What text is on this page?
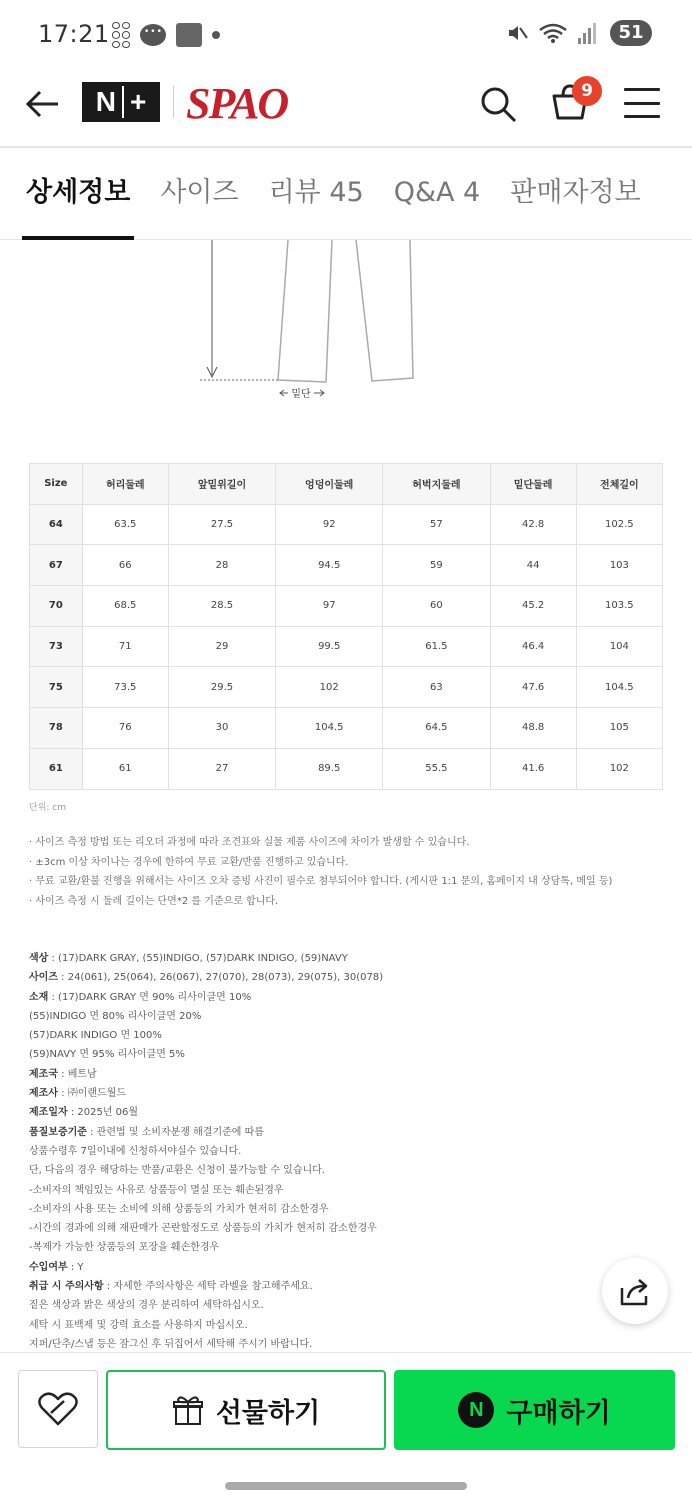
17:21 •••	51
N + SPAO	9
상세정보 사이즈 리뷰 45 Q&A 4 판매자정보
밑단
Size	허리둘레	앞밑위길이	엉덩이둘레	허벅지둘레	밑단둘레	전체길이
64	63.5	27.5	92	57	42.8	102.5
67	66	28	94.5	59	44	103
70	68.5	28.5	97	60	45.2	103.5
73	71	29	99.5	61.5	46.4	104
75	73.5	29.5	102	63	47.6	104.5
78	76	30	104.5	64.5	48.8	105
61	61	27	89.5	55.5	41.6	102
단위: cm
· 사이즈 측정 방법 또는 리오더 과정에 따라 조견표와 실물 제품 사이즈에 차이가 발생할 수 있습니다.
· ±3cm 이상 차이나는 경우에 한하여 무료 교환/반품 진행하고 있습니다.
· 무료 교환/환불 진행을 위해서는 사이즈 오차 증빙 사진이 필수로 첨부되어야 합니다. (게시판 1:1 문의, 홈페이지 내 상담톡, 메일 등)
· 사이즈 측정 시 둘레 길이는 단면*2 를 기준으로 합니다.
색상 : (17)DARK GRAY, (55)INDIGO, (57)DARK INDIGO, (59)NAVY
사이즈 : 24(061), 25(064), 26(067), 27(070), 28(073), 29(075), 30(078)
소재 : (17)DARK GRAY 면 90% 리사이클면 10%
(55)INDIGO 면 80% 리사이클면 20%
(57)DARK INDIGO 면 100%
(59)NAVY 면 95% 리사이클면 5%
제조국 : 베트남
제조사 : ㈜이랜드월드
제조일자 : 2025년 06월
품질보증기준 : 관련법 및 소비자분쟁 해결기준에 따름
상품수령후 7일이내에 신청하셔야실수 있습니다.
단, 다음의 경우 해당하는 반품/교환은 신청이 불가능할 수 있습니다.
-소비자의 책임있는 사유로 상품등이 멸실 또는 훼손된경우
-소비자의 사용 또는 소비에 의해 상품등의 가치가 현저히 감소한경우
-시간의 경과에 의해 재판매가 곤란할정도로 상품등의 가치가 현저히 감소한경우
-복제가 가능한 상품등의 포장을 훼손한경우
수입여부 : Y
취급 시 주의사항 : 자세한 주의사항은 세탁 라벨을 참고해주세요.
짙은 색상과 밝은 색상의 경우 분리하여 세탁하십시오.
세탁 시 표백제 및 강력 효소를 사용하지 마십시오.
지퍼/단추/스냅 등은 잠그신 후 뒤집어서 세탁해 주시기 바랍니다.
선물하기	N 구매하기
